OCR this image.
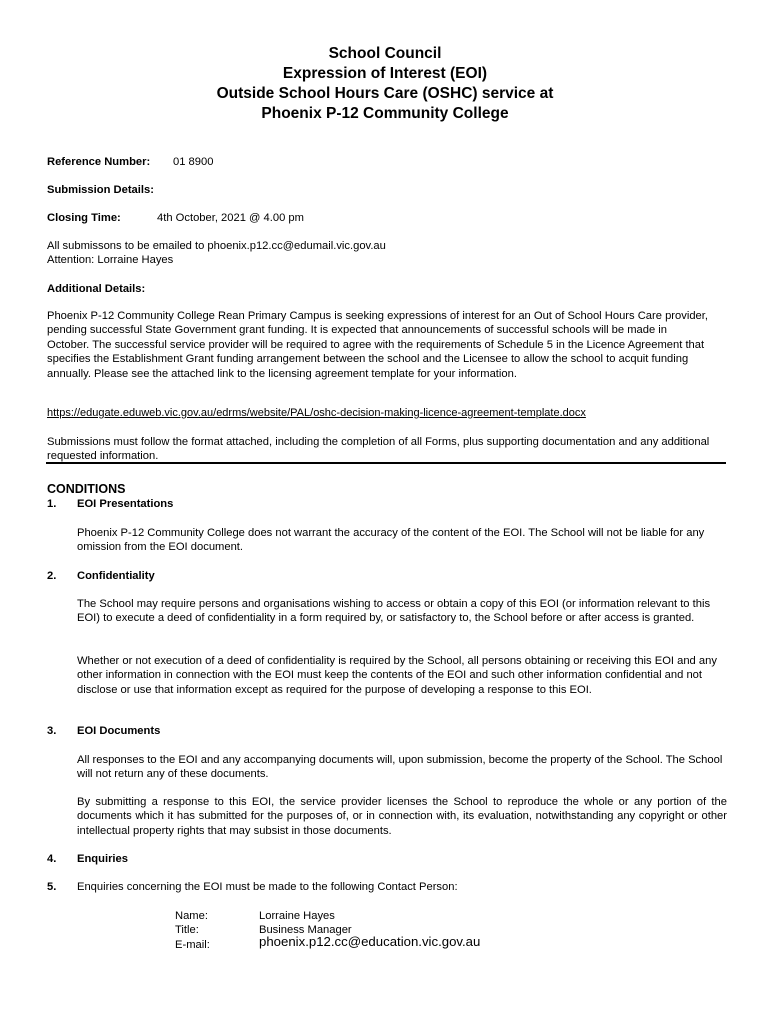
School Council
Expression of Interest (EOI)
Outside School Hours Care (OSHC) service at
Phoenix P-12 Community College
Reference Number: 01 8900
Submission Details:
Closing Time:	4th October, 2021 @ 4.00 pm
All submissons to be emailed to phoenix.p12.cc@edumail.vic.gov.au
Attention: Lorraine Hayes
Additional Details:
Phoenix P-12 Community College Rean Primary Campus is seeking expressions of interest for an Out of School Hours Care provider, pending successful State Government grant funding. It is expected that announcements of successful schools will be made in October. The successful service provider will be required to agree with the requirements of Schedule 5 in the Licence Agreement that specifies the Establishment Grant funding arrangement between the school and the Licensee to allow the school to acquit funding annually. Please see the attached link to the licensing agreement template for your information.
https://edugate.eduweb.vic.gov.au/edrms/website/PAL/oshc-decision-making-licence-agreement-template.docx
Submissions must follow the format attached, including the completion of all Forms, plus supporting documentation and any additional requested information.
CONDITIONS
1. EOI Presentations
Phoenix P-12 Community College does not warrant the accuracy of the content of the EOI. The School will not be liable for any omission from the EOI document.
2. Confidentiality
The School may require persons and organisations wishing to access or obtain a copy of this EOI (or information relevant to this EOI) to execute a deed of confidentiality in a form required by, or satisfactory to, the School before or after access is granted.
Whether or not execution of a deed of confidentiality is required by the School, all persons obtaining or receiving this EOI and any other information in connection with the EOI must keep the contents of the EOI and such other information confidential and not disclose or use that information except as required for the purpose of developing a response to this EOI.
3. EOI Documents
All responses to the EOI and any accompanying documents will, upon submission, become the property of the School. The School will not return any of these documents.
By submitting a response to this EOI, the service provider licenses the School to reproduce the whole or any portion of the documents which it has submitted for the purposes of, or in connection with, its evaluation, notwithstanding any copyright or other intellectual property rights that may subsist in those documents.
4. Enquiries
5. Enquiries concerning the EOI must be made to the following Contact Person:
Name:	Lorraine Hayes
Title:	Business Manager
E-mail:	phoenix.p12.cc@education.vic.gov.au
